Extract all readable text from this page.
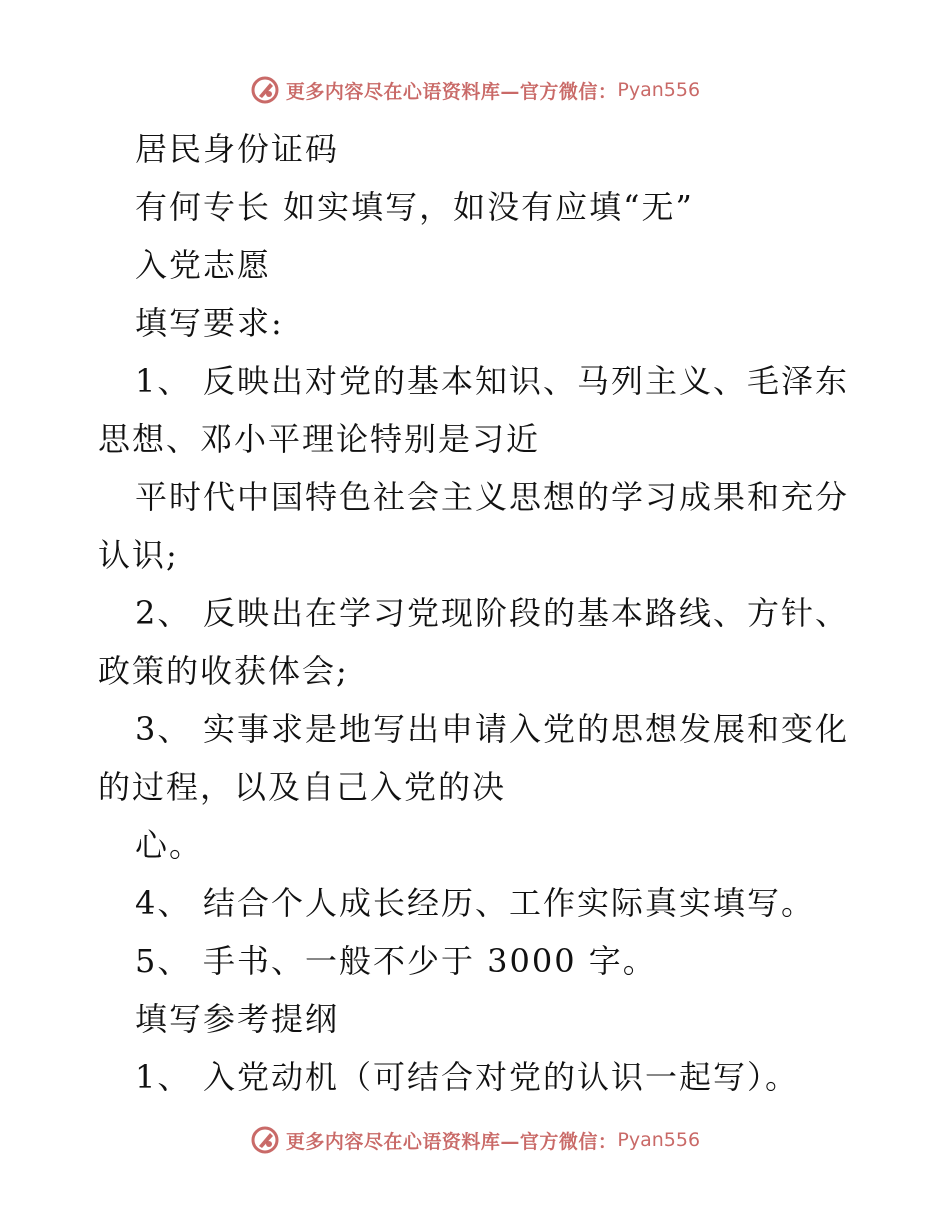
更多内容尽在心语资料库—官方微信： Pyan556
居民身份证码
有何专长 如实填写，如没有应填“无”
入党志愿
填写要求:
1、 反映出对党的基本知识、马列主义、毛泽东
思想、邓小平理论特别是习近
平时代中国特色社会主义思想的学习成果和充分
认识;
2、 反映出在学习党现阶段的基本路线、方针、
政策的收获体会;
3、 实事求是地写出申请入党的思想发展和变化
的过程，以及自己入党的决
心。
4、 结合个人成长经历、工作实际真实填写。
5、 手书、一般不少于 3000 字。
填写参考提纲
1、 入党动机（可结合对党的认识一起写）。
更多内容尽在心语资料库—官方微信： Pyan556
